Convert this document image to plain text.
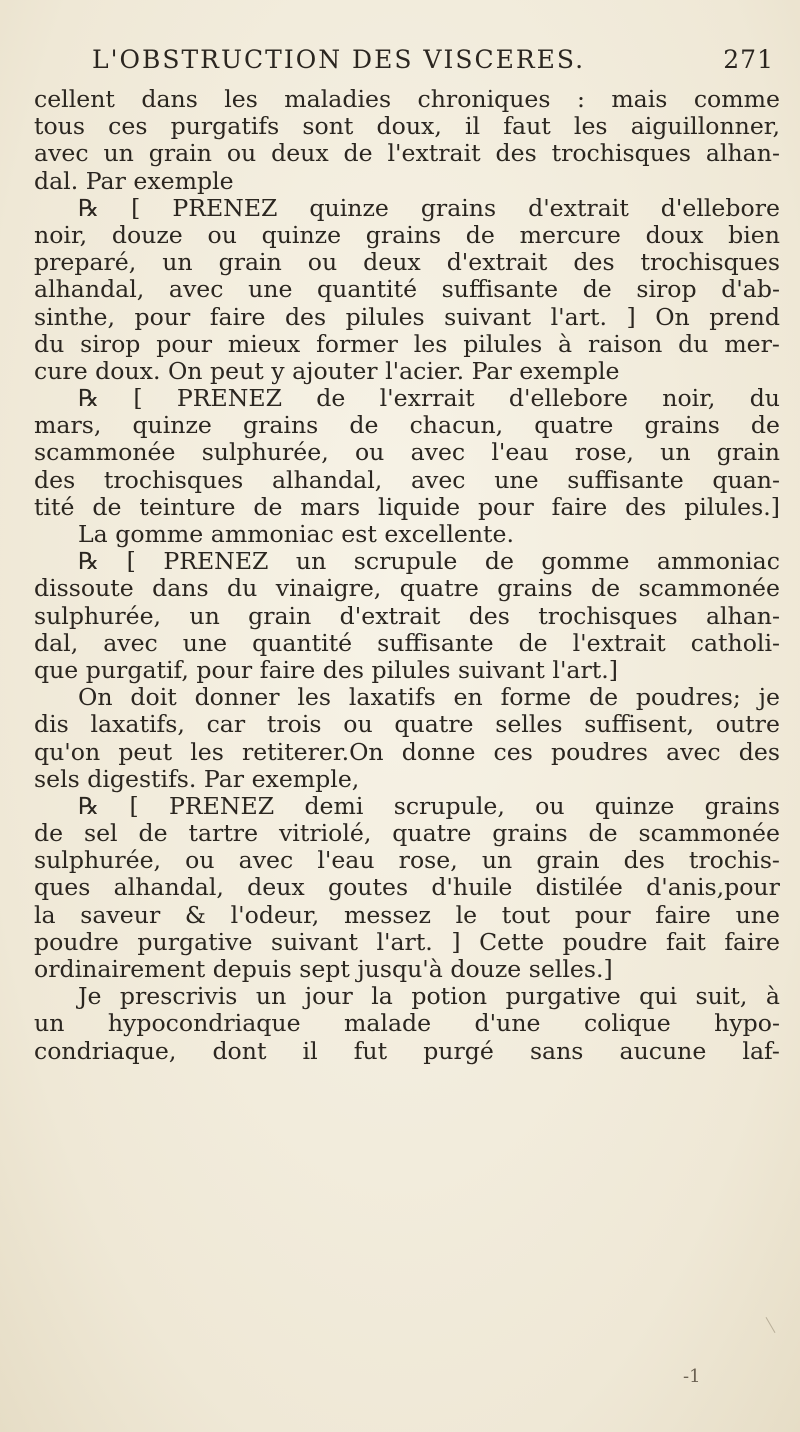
L'OBSTRUCTION DES VISCERES.	271
cellent dans les maladies chroniques : mais comme
tous ces purgatifs sont doux, il faut les aiguillonner,
avec un grain ou deux de l'extrait des trochisques alhan-
dal. Par exemple
℞ [ PRENEZ quinze grains d'extrait d'ellebore
noir, douze ou quinze grains de mercure doux bien
preparé, un grain ou deux d'extrait des trochisques
alhandal, avec une quantité suffisante de sirop d'ab-
sinthe, pour faire des pilules suivant l'art. ] On prend
du sirop pour mieux former les pilules à raison du mer-
cure doux. On peut y ajouter l'acier. Par exemple
℞ [ PRENEZ de l'exrrait d'ellebore noir, du
mars, quinze grains de chacun, quatre grains de
scammonée sulphurée, ou avec l'eau rose, un grain
des trochisques alhandal, avec une suffisante quan-
tité de teinture de mars liquide pour faire des pilules.]
La gomme ammoniac est excellente.
℞ [ PRENEZ un scrupule de gomme ammoniac
dissoute dans du vinaigre, quatre grains de scammonée
sulphurée, un grain d'extrait des trochisques alhan-
dal, avec une quantité suffisante de l'extrait catholi-
que purgatif, pour faire des pilules suivant l'art.]
On doit donner les laxatifs en forme de poudres; je
dis laxatifs, car trois ou quatre selles suffisent, outre
qu'on peut les retiterer.On donne ces poudres avec des
sels digestifs. Par exemple,
℞ [ PRENEZ demi scrupule, ou quinze grains
de sel de tartre vitriolé, quatre grains de scammonée
sulphurée, ou avec l'eau rose, un grain des trochis-
ques alhandal, deux goutes d'huile distilée d'anis,pour
la saveur & l'odeur, messez le tout pour faire une
poudre purgative suivant l'art. ] Cette poudre fait faire
ordinairement depuis sept jusqu'à douze selles.]
Je prescrivis un jour la potion purgative qui suit, à
un hypocondriaque malade d'une colique hypo-
condriaque, dont il fut purgé sans aucune laf-
-1
